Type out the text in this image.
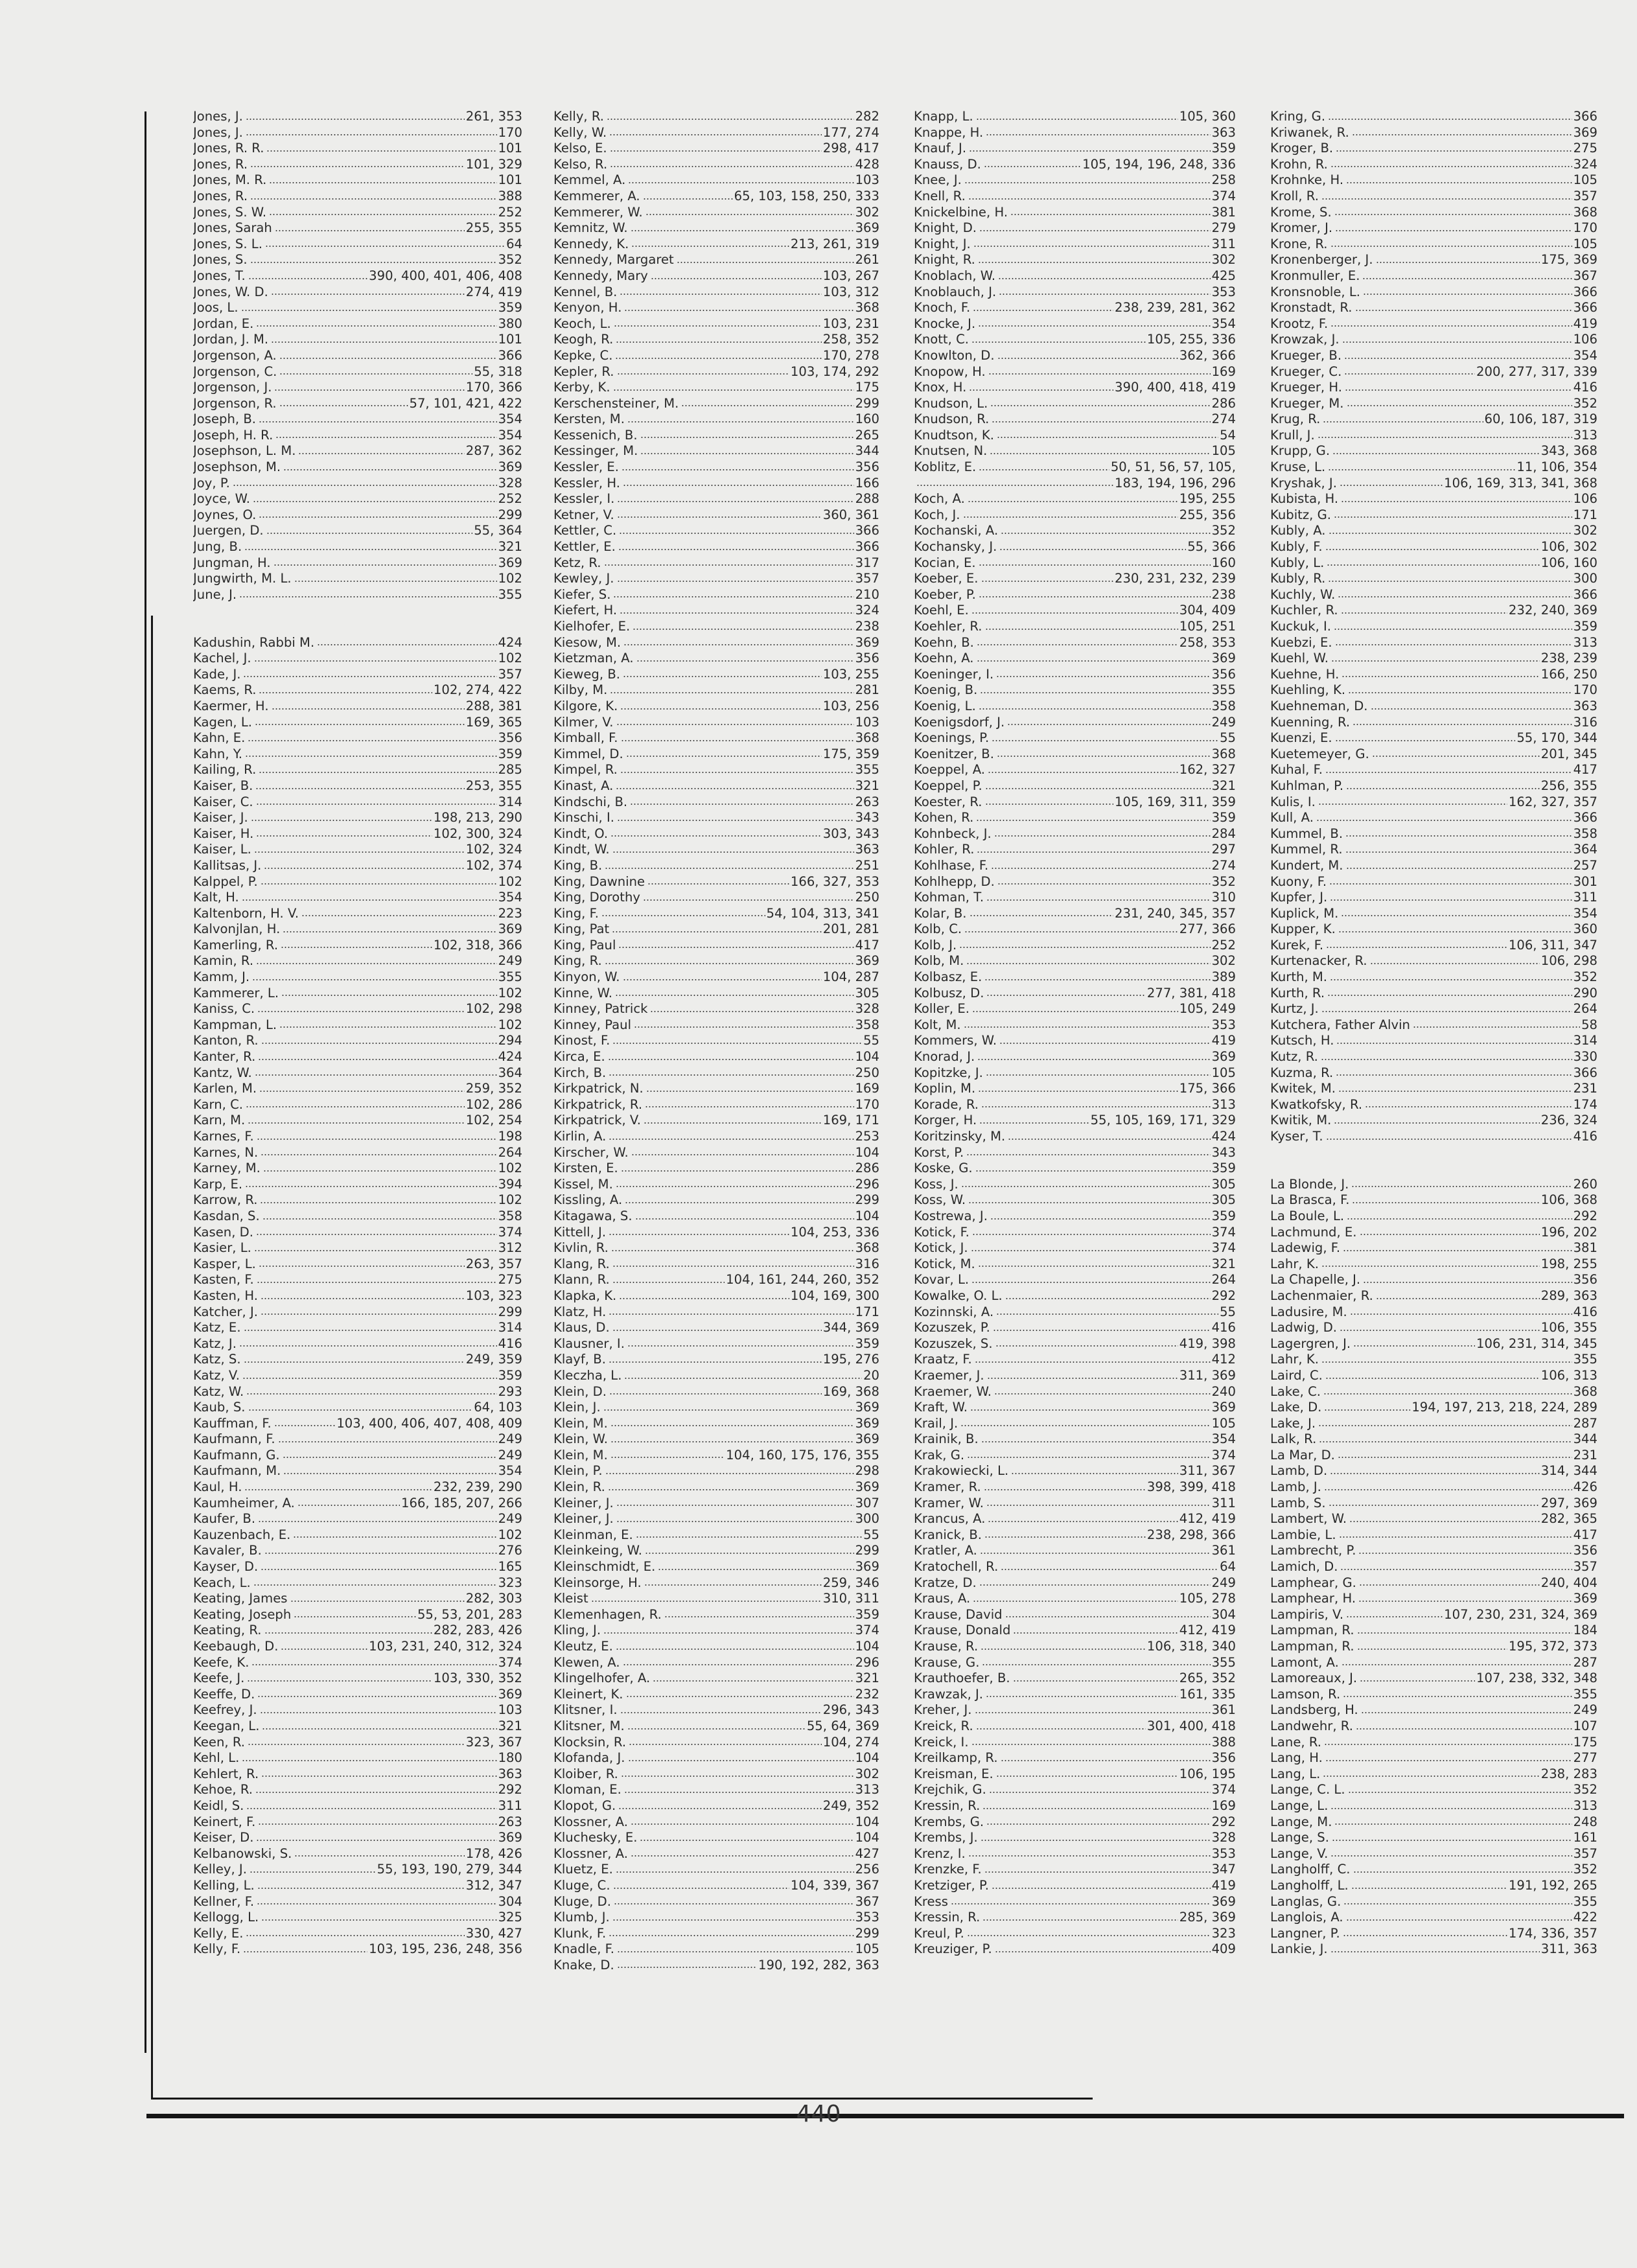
Jones, J.	261, 353
Jones, J.	170
Jones, R. R.	101
Jones, R.	101, 329
Jones, M. R.	101
Jones, R.	388
Jones, S. W.	252
Jones, Sarah	255, 355
Jones, S. L.	64
Jones, S.	352
Jones, T.	390, 400, 401, 406, 408
Jones, W. D.	274, 419
Joos, L.	359
Jordan, E.	380
Jordan, J. M.	101
Jorgenson, A.	366
Jorgenson, C.	55, 318
Jorgenson, J.	170, 366
Jorgenson, R.	57, 101, 421, 422
Joseph, B.	354
Joseph, H. R.	354
Josephson, L. M.	287, 362
Josephson, M.	369
Joy, P.	328
Joyce, W.	252
Joynes, O.	299
Juergen, D.	55, 364
Jung, B.	321
Jungman, H.	369
Jungwirth, M. L.	102
June, J.	355
Kadushin, Rabbi M.	424
Kachel, J.	102
Kade, J.	357
Kaems, R.	102, 274, 422
Kaermer, H.	288, 381
Kagen, L.	169, 365
Kahn, E.	356
Kahn, Y.	359
Kailing, R.	285
Kaiser, B.	253, 355
Kaiser, C.	314
Kaiser, J.	198, 213, 290
Kaiser, H.	102, 300, 324
Kaiser, L.	102, 324
Kallitsas, J.	102, 374
Kalppel, P.	102
Kalt, H.	354
Kaltenborn, H. V.	223
Kalvonjlan, H.	369
Kamerling, R.	102, 318, 366
Kamin, R.	249
Kamm, J.	355
Kammerer, L.	102
Kaniss, C.	102, 298
Kampman, L.	102
Kanton, R.	294
Kanter, R.	424
Kantz, W.	364
Karlen, M.	259, 352
Karn, C.	102, 286
Karn, M.	102, 254
Karnes, F.	198
Karnes, N.	264
Karney, M.	102
Karp, E.	394
Karrow, R.	102
Kasdan, S.	358
Kasen, D.	374
Kasier, L.	312
Kasper, L.	263, 357
Kasten, F.	275
Kasten, H.	103, 323
Katcher, J.	299
Katz, E.	314
Katz, J.	416
Katz, S.	249, 359
Katz, V.	359
Katz, W.	293
Kaub, S.	64, 103
Kauffman, F.	103, 400, 406, 407, 408, 409
Kaufmann, F.	249
Kaufmann, G.	249
Kaufmann, M.	354
Kaul, H.	232, 239, 290
Kaumheimer, A.	166, 185, 207, 266
Kaufer, B.	249
Kauzenbach, E.	102
Kavaler, B.	276
Kayser, D.	165
Keach, L.	323
Keating, James	282, 303
Keating, Joseph	55, 53, 201, 283
Keating, R.	282, 283, 426
Keebaugh, D.	103, 231, 240, 312, 324
Keefe, K.	374
Keefe, J.	103, 330, 352
Keeffe, D.	369
Keefrey, J.	103
Keegan, L.	321
Keen, R.	323, 367
Kehl, L.	180
Kehlert, R.	363
Kehoe, R.	292
Keidl, S.	311
Keinert, F.	263
Keiser, D.	369
Kelbanowski, S.	178, 426
Kelley, J.	55, 193, 190, 279, 344
Kelling, L.	312, 347
Kellner, F.	304
Kellogg, L.	325
Kelly, E.	330, 427
Kelly, F.	103, 195, 236, 248, 356
Kelly, R.	282
Kelly, W.	177, 274
Kelso, E.	298, 417
Kelso, R.	428
Kemmel, A.	103
Kemmerer, A.	65, 103, 158, 250, 333
Kemmerer, W.	302
Kemnitz, W.	369
Kennedy, K.	213, 261, 319
Kennedy, Margaret	261
Kennedy, Mary	103, 267
Kennel, B.	103, 312
Kenyon, H.	368
Keoch, L.	103, 231
Keogh, R.	258, 352
Kepke, C.	170, 278
Kepler, R.	103, 174, 292
Kerby, K.	175
Kerschensteiner, M.	299
Kersten, M.	160
Kessenich, B.	265
Kessinger, M.	344
Kessler, E.	356
Kessler, H.	166
Kessler, I.	288
Ketner, V.	360, 361
Kettler, C.	366
Kettler, E.	366
Ketz, R.	317
Kewley, J.	357
Kiefer, S.	210
Kiefert, H.	324
Kielhofer, E.	238
Kiesow, M.	369
Kietzman, A.	356
Kieweg, B.	103, 255
Kilby, M.	281
Kilgore, K.	103, 256
Kilmer, V.	103
Kimball, F.	368
Kimmel, D.	175, 359
Kimpel, R.	355
Kinast, A.	321
Kindschi, B.	263
Kinschi, I.	343
Kindt, O.	303, 343
Kindt, W.	363
King, B.	251
King, Dawnine	166, 327, 353
King, Dorothy	250
King, F.	54, 104, 313, 341
King, Pat	201, 281
King, Paul	417
King, R.	369
Kinyon, W.	104, 287
Kinne, W.	305
Kinney, Patrick	328
Kinney, Paul	358
Kinost, F.	55
Kirca, E.	104
Kirch, B.	250
Kirkpatrick, N.	169
Kirkpatrick, R.	170
Kirkpatrick, V.	169, 171
Kirlin, A.	253
Kirscher, W.	104
Kirsten, E.	286
Kissel, M.	296
Kissling, A.	299
Kitagawa, S.	104
Kittell, J.	104, 253, 336
Kivlin, R.	368
Klang, R.	316
Klann, R.	104, 161, 244, 260, 352
Klapka, K.	104, 169, 300
Klatz, H.	171
Klaus, D.	344, 369
Klausner, I.	359
Klayf, B.	195, 276
Kleczha, L.	20
Klein, D.	169, 368
Klein, J.	369
Klein, M.	369
Klein, W.	369
Klein, M.	104, 160, 175, 176, 355
Klein, P.	298
Klein, R.	369
Kleiner, J.	307
Kleiner, J.	300
Kleinman, E.	55
Kleinkeing, W.	299
Kleinschmidt, E.	369
Kleinsorge, H.	259, 346
Kleist	310, 311
Klemenhagen, R.	359
Kling, J.	374
Kleutz, E.	104
Klewen, A.	296
Klingelhofer, A.	321
Kleinert, K.	232
Klitsner, I.	296, 343
Klitsner, M.	55, 64, 369
Klocksin, R.	104, 274
Klofanda, J.	104
Kloiber, R.	302
Kloman, E.	313
Klopot, G.	249, 352
Klossner, A.	104
Kluchesky, E.	104
Klossner, A.	427
Kluetz, E.	256
Kluge, C.	104, 339, 367
Kluge, D.	367
Klumb, J.	353
Klunk, F.	299
Knadle, F.	105
Knake, D.	190, 192, 282, 363
Knapp, L.	105, 360
Knappe, H.	363
Knauf, J.	359
Knauss, D.	105, 194, 196, 248, 336
Knee, J.	258
Knell, R.	374
Knickelbine, H.	381
Knight, D.	279
Knight, J.	311
Knight, R.	302
Knoblach, W.	425
Knoblauch, J.	353
Knoch, F.	238, 239, 281, 362
Knocke, J.	354
Knott, C.	105, 255, 336
Knowlton, D.	362, 366
Knopow, H.	169
Knox, H.	390, 400, 418, 419
Knudson, L.	286
Knudson, R.	274
Knudtson, K.	54
Knutsen, N.	105
Koblitz, E.	50, 51, 56, 57, 105,
183, 194, 196, 296
Koch, A.	195, 255
Koch, J.	255, 356
Kochanski, A.	352
Kochansky, J.	55, 366
Kocian, E.	160
Koeber, E.	230, 231, 232, 239
Koeber, P.	238
Koehl, E.	304, 409
Koehler, R.	105, 251
Koehn, B.	258, 353
Koehn, A.	369
Koeninger, I.	356
Koenig, B.	355
Koenig, L.	358
Koenigsdorf, J.	249
Koenings, P.	55
Koenitzer, B.	368
Koeppel, A.	162, 327
Koeppel, P.	321
Koester, R.	105, 169, 311, 359
Kohen, R.	359
Kohnbeck, J.	284
Kohler, R.	297
Kohlhase, F.	274
Kohlhepp, D.	352
Kohman, T.	310
Kolar, B.	231, 240, 345, 357
Kolb, C.	277, 366
Kolb, J.	252
Kolb, M.	302
Kolbasz, E.	389
Kolbusz, D.	277, 381, 418
Koller, E.	105, 249
Kolt, M.	353
Kommers, W.	419
Knorad, J.	369
Kopitzke, J.	105
Koplin, M.	175, 366
Korade, R.	313
Korger, H.	55, 105, 169, 171, 329
Koritzinsky, M.	424
Korst, P.	343
Koske, G.	359
Koss, J.	305
Koss, W.	305
Kostrewa, J.	359
Kotick, F.	374
Kotick, J.	374
Kotick, M.	321
Kovar, L.	264
Kowalke, O. L.	292
Kozinnski, A.	55
Kozuszek, P.	416
Kozuszek, S.	419, 398
Kraatz, F.	412
Kraemer, J.	311, 369
Kraemer, W.	240
Kraft, W.	369
Krail, J.	105
Krainik, B.	354
Krak, G.	374
Krakowiecki, L.	311, 367
Kramer, R.	398, 399, 418
Kramer, W.	311
Krancus, A.	412, 419
Kranick, B.	238, 298, 366
Kratler, A.	361
Kratochell, R.	64
Kratze, D.	249
Kraus, A.	105, 278
Krause, David	304
Krause, Donald	412, 419
Krause, R.	106, 318, 340
Krause, G.	355
Krauthoefer, B.	265, 352
Krawzak, J.	161, 335
Kreher, J.	361
Kreick, R.	301, 400, 418
Kreick, I.	388
Kreilkamp, R.	356
Kreisman, E.	106, 195
Krejchik, G.	374
Kressin, R.	169
Krembs, G.	292
Krembs, J.	328
Krenz, I.	353
Krenzke, F.	347
Kretziger, P.	419
Kress	369
Kressin, R.	285, 369
Kreul, P.	323
Kreuziger, P.	409
Kring, G.	366
Kriwanek, R.	369
Kroger, B.	275
Krohn, R.	324
Krohnke, H.	105
Kroll, R.	357
Krome, S.	368
Kromer, J.	170
Krone, R.	105
Kronenberger, J.	175, 369
Kronmuller, E.	367
Kronsnoble, L.	366
Kronstadt, R.	366
Krootz, F.	419
Krowzak, J.	106
Krueger, B.	354
Krueger, C.	200, 277, 317, 339
Krueger, H.	416
Krueger, M.	352
Krug, R.	60, 106, 187, 319
Krull, J.	313
Krupp, G.	343, 368
Kruse, L.	11, 106, 354
Kryshak, J.	106, 169, 313, 341, 368
Kubista, H.	106
Kubitz, G.	171
Kubly, A.	302
Kubly, F.	106, 302
Kubly, L.	106, 160
Kubly, R.	300
Kuchly, W.	366
Kuchler, R.	232, 240, 369
Kuckuk, I.	359
Kuebzi, E.	313
Kuehl, W.	238, 239
Kuehne, H.	166, 250
Kuehling, K.	170
Kuehneman, D.	363
Kuenning, R.	316
Kuenzi, E.	55, 170, 344
Kuetemeyer, G.	201, 345
Kuhal, F.	417
Kuhlman, P.	256, 355
Kulis, I.	162, 327, 357
Kull, A.	366
Kummel, B.	358
Kummel, R.	364
Kundert, M.	257
Kuony, F.	301
Kupfer, J.	311
Kuplick, M.	354
Kupper, K.	360
Kurek, F.	106, 311, 347
Kurtenacker, R.	106, 298
Kurth, M.	352
Kurth, R.	290
Kurtz, J.	264
Kutchera, Father Alvin	58
Kutsch, H.	314
Kutz, R.	330
Kuzma, R.	366
Kwitek, M.	231
Kwatkofsky, R.	174
Kwitik, M.	236, 324
Kyser, T.	416
La Blonde, J.	260
La Brasca, F.	106, 368
La Boule, L.	292
Lachmund, E.	196, 202
Ladewig, F.	381
Lahr, K.	198, 255
La Chapelle, J.	356
Lachenmaier, R.	289, 363
Ladusire, M.	416
Ladwig, D.	106, 355
Lagergren, J.	106, 231, 314, 345
Lahr, K.	355
Laird, C.	106, 313
Lake, C.	368
Lake, D.	194, 197, 213, 218, 224, 289
Lake, J.	287
Lalk, R.	344
La Mar, D.	231
Lamb, D.	314, 344
Lamb, J.	426
Lamb, S.	297, 369
Lambert, W.	282, 365
Lambie, L.	417
Lambrecht, P.	356
Lamich, D.	357
Lamphear, G.	240, 404
Lamphear, H.	369
Lampiris, V.	107, 230, 231, 324, 369
Lampman, R.	184
Lampman, R.	195, 372, 373
Lamont, A.	287
Lamoreaux, J.	107, 238, 332, 348
Lamson, R.	355
Landsberg, H.	249
Landwehr, R.	107
Lane, R.	175
Lang, H.	277
Lang, L.	238, 283
Lange, C. L.	352
Lange, L.	313
Lange, M.	248
Lange, S.	161
Lange, V.	357
Langholff, C.	352
Langholff, L.	191, 192, 265
Langlas, G.	355
Langlois, A.	422
Langner, P.	174, 336, 357
Lankie, J.	311, 363
440
